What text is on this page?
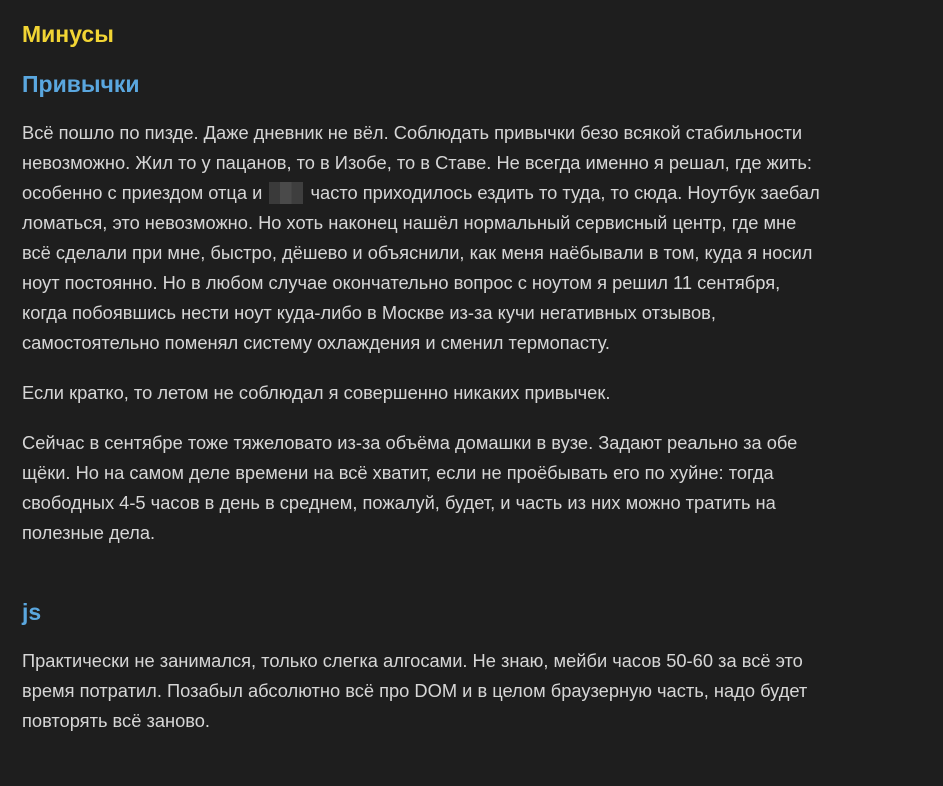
Минусы
Привычки

Всё пошло по пизде. Даже дневник не вёл. Соблюдать привычки безо всякой стабильности
невозможно. Жил то у пацанов, то в Изобе, то в Ставе. Не всегда именно я решал, где жить:
особенно с приездом отца и	часто приходилось ездить то туда, то сюда. Ноутбук заебал
ломаться, это невозможно. Но хоть наконец нашёл нормальный сервисный центр, где мне
всё сделали при мне, быстро, дёшево и объяснили, как меня наёбывали в том, куда я носил
ноут постоянно. Но в любом случае окончательно вопрос с ноутом я решил 11 сентября,
когда побоявшись нести ноут куда-либо в Москве из-за кучи негативных отзывов,
самостоятельно поменял систему охлаждения и сменил термопасту.

Если кратко, то летом не соблюдал я совершенно никаких привычек.

Сейчас в сентябре тоже тяжеловато из-за объёма домашки в вузе. Задают реально за обе
щёки. Но на самом деле времени на всё хватит, если не проёбывать его по хуйне: тогда
свободных 4-5 часов в день в среднем, пожалуй, будет, и часть из них можно тратить на
полезные дела.

js

Практически не занимался, только слегка алгосами. Не знаю, мейби часов 50-60 за всё это
время потратил. Позабыл абсолютно всё про DOM и в целом браузерную часть, надо будет
повторять всё заново.
